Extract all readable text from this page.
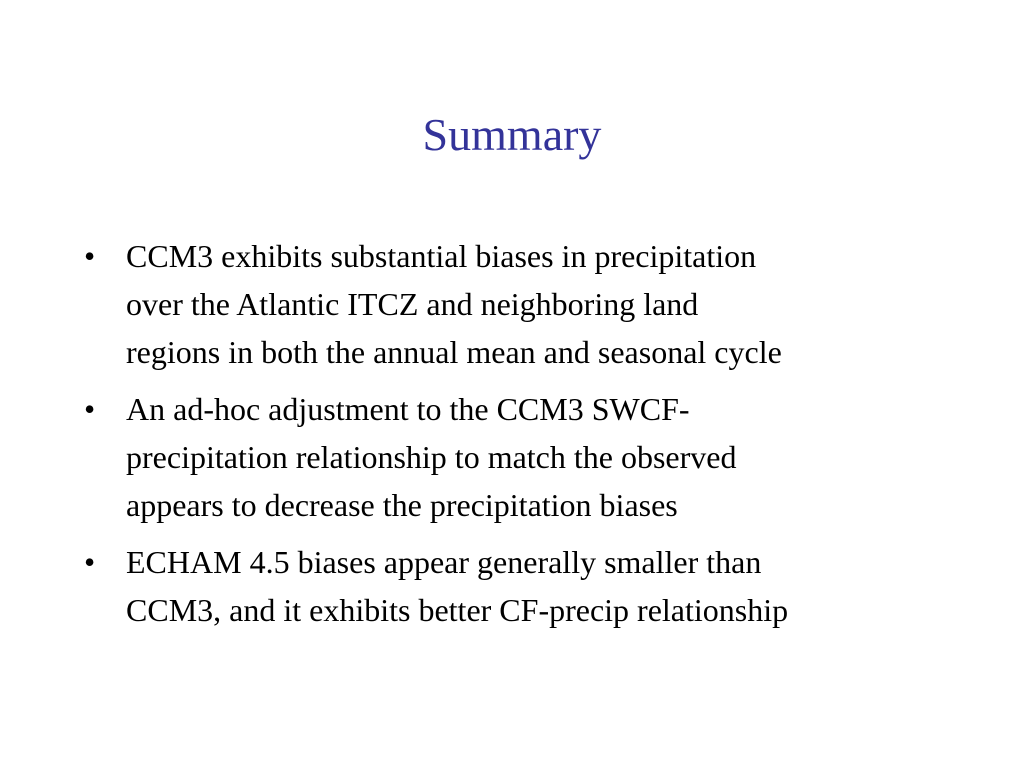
Summary
• CCM3 exhibits substantial biases in precipitation
over the Atlantic ITCZ and neighboring land
regions in both the annual mean and seasonal cycle
• An ad-hoc adjustment to the CCM3 SWCF-
precipitation relationship to match the observed
appears to decrease the precipitation biases
• ECHAM 4.5 biases appear generally smaller than
CCM3, and it exhibits better CF-precip relationship
